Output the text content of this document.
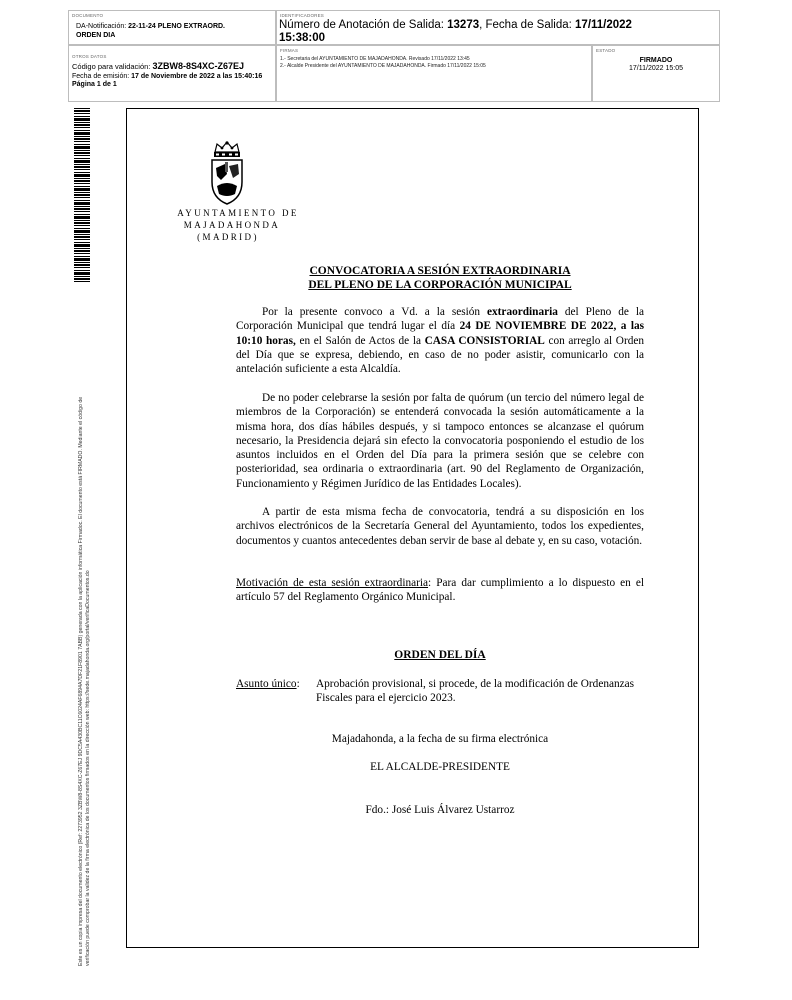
DOCUMENTO
DA-Notificación: 22-11-24 PLENO EXTRAORD.
ORDEN DIA
IDENTIFICADORES
Número de Anotación de Salida: 13273, Fecha de Salida: 17/11/2022
15:38:00
OTROS DATOS
Código para validación: 3ZBW8-8S4XC-Z67EJ
Fecha de emisión: 17 de Noviembre de 2022 a las 15:40:16
Página 1 de 1
FIRMAS
1.- Secretaria del AYUNTAMIENTO DE MAJADAHONDA. Revisado 17/11/2022 13:45
2.- Alcalde Presidente del AYUNTAMIENTO DE MAJADAHONDA. Firmado 17/11/2022 15:05
ESTADO
FIRMADO
17/11/2022 15:05
Este es un copia impresa del documento electrónico (Ref: 2273952 3ZBW8-8S4XC-Z67EJ 9DC5A430BC11C6024AF6894A7DF21F8901 7ABB) generada con la aplicación informática Firmadoc. El documento está FIRMADO. Mediante el código de verificación puede comprobar la validez de la firma electrónica de los documentos firmados en la dirección web: https://sede.majadahonda.org/portal/verificaDocumentos.do
AYUNTAMIENTO DE
MAJADAHONDA
(MADRID)
CONVOCATORIA A SESIÓN EXTRAORDINARIA
DEL PLENO DE LA CORPORACIÓN MUNICIPAL
Por la presente convoco a Vd. a la sesión extraordinaria del Pleno de la Corporación Municipal que tendrá lugar el día 24 DE NOVIEMBRE DE 2022, a las 10:10 horas, en el Salón de Actos de la CASA CONSISTORIAL con arreglo al Orden del Día que se expresa, debiendo, en caso de no poder asistir, comunicarlo con la antelación suficiente a esta Alcaldía.
De no poder celebrarse la sesión por falta de quórum (un tercio del número legal de miembros de la Corporación) se entenderá convocada la sesión automáticamente a la misma hora, dos días hábiles después, y si tampoco entonces se alcanzase el quórum necesario, la Presidencia dejará sin efecto la convocatoria posponiendo el estudio de los asuntos incluidos en el Orden del Día para la primera sesión que se celebre con posterioridad, sea ordinaria o extraordinaria (art. 90 del Reglamento de Organización, Funcionamiento y Régimen Jurídico de las Entidades Locales).
A partir de esta misma fecha de convocatoria, tendrá a su disposición en los archivos electrónicos de la Secretaría General del Ayuntamiento, todos los expedientes, documentos y cuantos antecedentes deban servir de base al debate y, en su caso, votación.
Motivación de esta sesión extraordinaria: Para dar cumplimiento a lo dispuesto en el artículo 57 del Reglamento Orgánico Municipal.
ORDEN DEL DÍA
Asunto único:	Aprobación provisional, si procede, de la modificación de Ordenanzas Fiscales para el ejercicio 2023.
Majadahonda, a la fecha de su firma electrónica
EL ALCALDE-PRESIDENTE
Fdo.: José Luis Álvarez Ustarroz
